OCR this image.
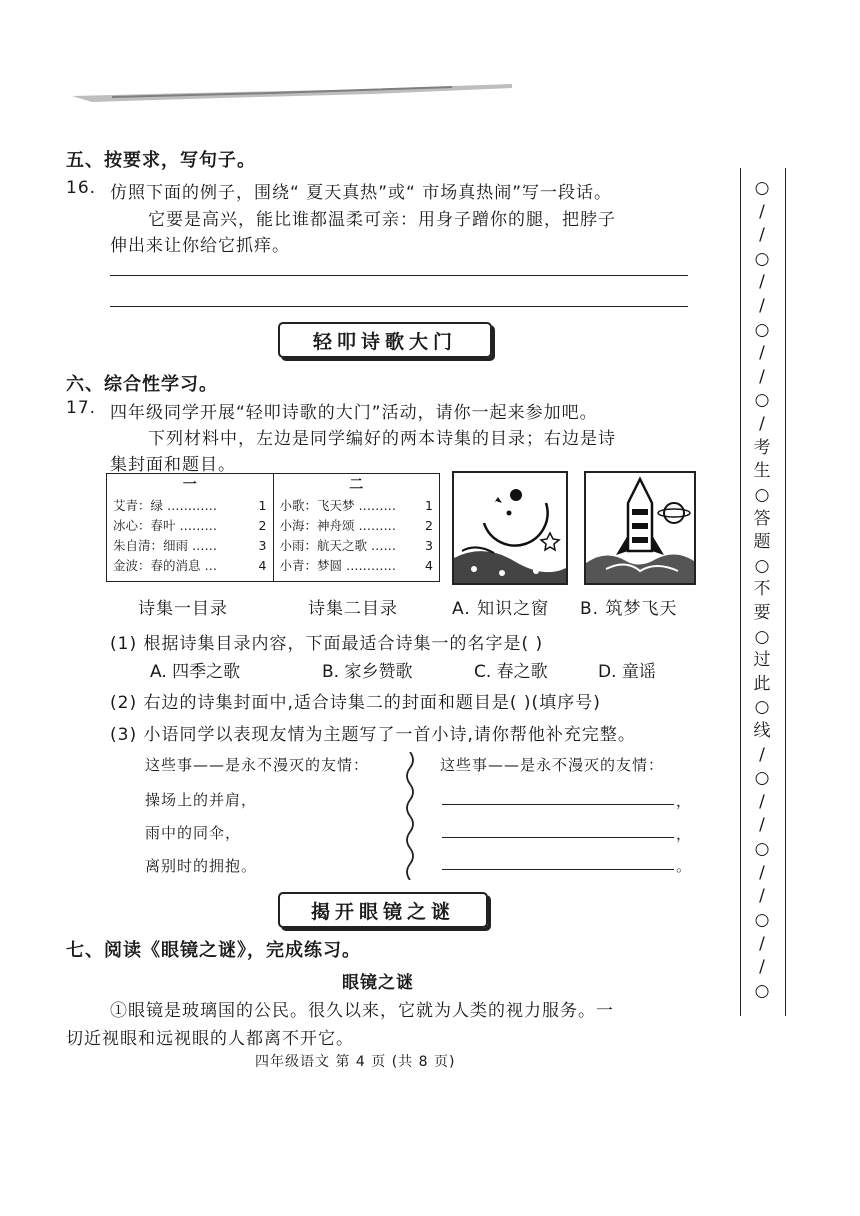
五、按要求，写句子。
16. 仿照下面的例子，围绕“ 夏天真热”或“ 市场真热闹”写一段话。
它要是高兴，能比谁都温柔可亲：用身子蹭你的腿，把脖子
伸出来让你给它抓痒。
轻叩诗歌大门
六、综合性学习。
17. 四年级同学开展“轻叩诗歌的大门”活动，请你一起来参加吧。
下列材料中，左边是同学编好的两本诗集的目录；右边是诗
集封面和题目。
一
艾青：绿 …………	1
冰心：春叶 ………	2
朱自清：细雨 ……	3
金波：春的消息 …	4
二
小歌：飞天梦 ………	1
小海：神舟颂 ………	2
小雨：航天之歌 ……	3
小青：梦圆 …………	4
诗集一目录	诗集二目录	A. 知识之窗 B. 筑梦飞天
(1) 根据诗集目录内容，下面最适合诗集一的名字是( )
A. 四季之歌	B. 家乡赞歌	C. 春之歌	D. 童谣
(2) 右边的诗集封面中,适合诗集二的封面和题目是( )(填序号)
(3) 小语同学以表现友情为主题写了一首小诗,请你帮他补充完整。
这些事——是永不漫灭的友情：
操场上的并肩，
雨中的同伞，
离别时的拥抱。
这些事——是永不漫灭的友情：
，
，
。
揭开眼镜之谜
七、阅读《眼镜之谜》，完成练习。
眼镜之谜
①眼镜是玻璃国的公民。很久以来，它就为人类的视力服务。一
切近视眼和远视眼的人都离不开它。
四年级语文 第 4 页 (共 8 页)
○
/
/
○
/
/
○
/
/
○
/
考
生
○
答
题
○
不
要
○
过
此
○
线
/
○
/
/
○
/
/
○
/
/
○
